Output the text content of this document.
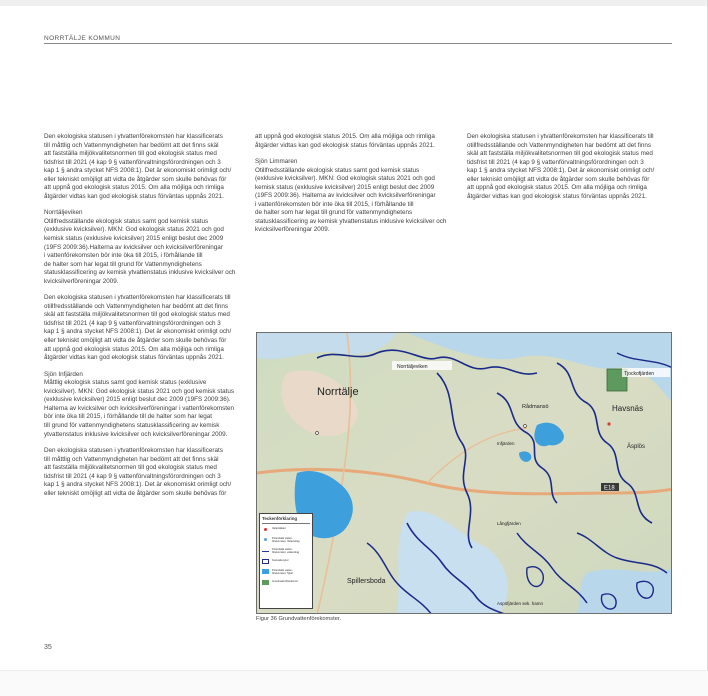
NORRTÄLJE KOMMUN

Den ekologiska statusen i ytvattenförekomsten har klassificerats
till måttlig och Vattenmyndigheten har bedömt att det finns skäl
att fastställa miljökvalitetsnormen till god ekologisk status med
tidsfrist till 2021 (4 kap 9 § vattenförvaltningsförordningen och 3
kap 1 § andra stycket NFS 2008:1). Det är ekonomiskt orimligt och/
eller tekniskt omöjligt att vidta de åtgärder som skulle behövas för
att uppnå god ekologisk status 2015. Om alla möjliga och rimliga
åtgärder vidtas kan god ekologisk status förväntas uppnås 2021.

Norrtäljeviken

Otillfredsställande ekologisk status samt god kemisk status
(exklusive kvicksilver). MKN: God ekologisk status 2021 och god
kemisk status (exklusive kvicksilver) 2015 enligt beslut dec 2009
(19FS 2009:36).Halterna av kvicksilver och kvicksilverföreningar
i vattenförekomsten bör inte öka till 2015, i förhållande till
de halter som har legat till grund för Vattenmyndighetens
statusklassificering av kemisk ytvattenstatus inklusive kvicksilver och
kvicksilverföreningar 2009.

Den ekologiska statusen i ytvattenförekomsten har klassificerats till
otillfredsställande och Vattenmyndigheten har bedömt att det finns
skäl att fastställa miljökvalitetsnormen till god ekologisk status med
tidsfrist till 2021 (4 kap 9 § vattenförvaltningsförordningen och 3
kap 1 § andra stycket NFS 2008:1). Det är ekonomiskt orimligt och/
eller tekniskt omöjligt att vidta de åtgärder som skulle behövas för
att uppnå god ekologisk status 2015. Om alla möjliga och rimliga
åtgärder vidtas kan god ekologisk status förväntas uppnås 2021.

Sjön Infjärden

Måttlig ekologisk status samt god kemisk status (exklusive
kvicksilver). MKN: God ekologisk status 2021 och god kemisk status
(exklusive kvicksilver) 2015 enligt beslut dec 2009 (19FS 2009:36).
Halterna av kvicksilver och kvicksilverföreningar i vattenförekomsten
bör inte öka till 2015, i förhållande till de halter som har legat
till grund för vattenmyndighetens statusklassificering av kemisk
ytvattenstatus inklusive kvicksilver och kvicksilverföreningar 2009.

Den ekologiska statusen i ytvattenförekomsten har klassificerats
till måttlig och Vattenmyndigheten har bedömt att det finns skäl
att fastställa miljökvalitetsnormen till god ekologisk status med
tidsfrist till 2021 (4 kap 9 § vattenförvaltningsförordningen och 3
kap 1 § andra stycket NFS 2008:1). Det är ekonomiskt orimligt och/
eller tekniskt omöjligt att vidta de åtgärder som skulle behövas för

att uppnå god ekologisk status 2015. Om alla möjliga och rimliga
åtgärder vidtas kan god ekologisk status förväntas uppnås 2021.

Sjön Limmaren

Otillfredsställande ekologisk status samt god kemisk status
(exklusive kvicksilver). MKN: God ekologisk status 2021 och god
kemisk status (exklusive kvicksilver) 2015 enligt beslut dec 2009
(19FS 2009:36). Halterna av kvicksilver och kvicksilverföreningar
i vattenförekomsten bör inte öka till 2015, i förhållande till
de halter som har legat till grund för vattenmyndighetens
statusklassificering av kemisk ytvattenstatus inklusive kvicksilver och
kvicksilverföreningar 2009.

Den ekologiska statusen i ytvattenförekomsten har klassificerats till
otillfredsställande och Vattenmyndigheten har bedömt att det finns
skäl att fastställa miljökvalitetsnormen till god ekologisk status med
tidsfrist till 2021 (4 kap 9 § vattenförvaltningsförordningen och 3
kap 1 § andra stycket NFS 2008:1). Det är ekonomiskt orimligt och/
eller tekniskt omöjligt att vidta de åtgärder som skulle behövas för
att uppnå god ekologisk status 2015. Om alla möjliga och rimliga
åtgärder vidtas kan god ekologisk status förväntas uppnås 2021.

Norrtälje
Norrtäljeviken
Tjockofjärden
Havsnäs
Infjärden
Långfjärden
E18
Spillersboda
Äsplös
Rådmansö
Aspöfjärden sek. hamn
Teckenförklaring
Vattentäkter
Potentiella vatten-
förekomster, Vattendrag
Potentiella vatten-
förekomster, vattendrag
Kustvattenytor
Potentiella vatten-
förekomster, Sjöar
Grundvattenförekomst
Figur 36 Grundvattenförekomster.
35
